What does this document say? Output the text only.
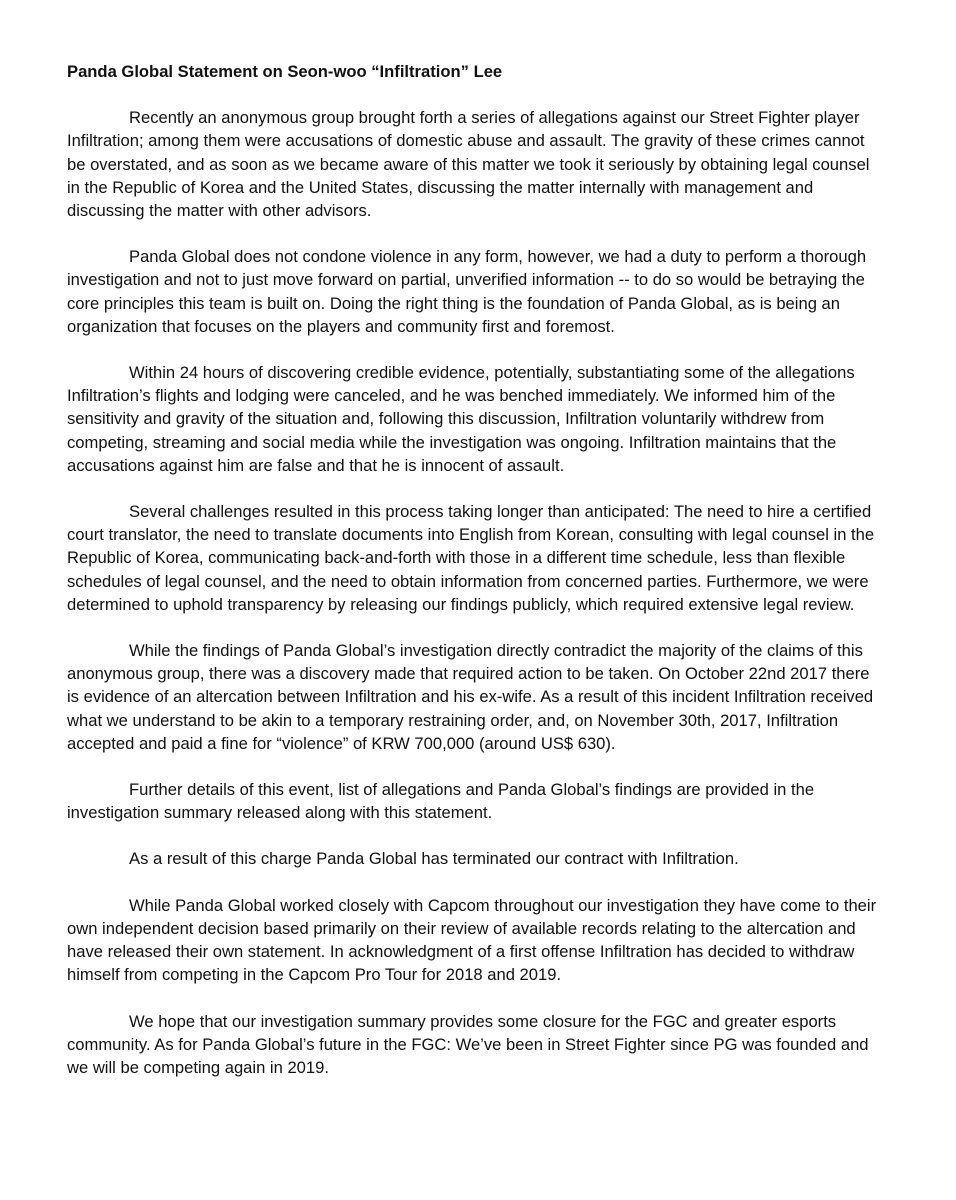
Panda Global Statement on Seon-woo “Infiltration” Lee

Recently an anonymous group brought forth a series of allegations against our Street Fighter player Infiltration; among them were accusations of domestic abuse and assault. The gravity of these crimes cannot be overstated, and as soon as we became aware of this matter we took it seriously by obtaining legal counsel in the Republic of Korea and the United States, discussing the matter internally with management and discussing the matter with other advisors.

Panda Global does not condone violence in any form, however, we had a duty to perform a thorough investigation and not to just move forward on partial, unverified information -- to do so would be betraying the core principles this team is built on. Doing the right thing is the foundation of Panda Global, as is being an organization that focuses on the players and community first and foremost.

Within 24 hours of discovering credible evidence, potentially, substantiating some of the allegations Infiltration’s flights and lodging were canceled, and he was benched immediately. We informed him of the sensitivity and gravity of the situation and, following this discussion, Infiltration voluntarily withdrew from competing, streaming and social media while the investigation was ongoing. Infiltration maintains that the accusations against him are false and that he is innocent of assault.

Several challenges resulted in this process taking longer than anticipated: The need to hire a certified court translator, the need to translate documents into English from Korean, consulting with legal counsel in the Republic of Korea, communicating back-and-forth with those in a different time schedule, less than flexible schedules of legal counsel, and the need to obtain information from concerned parties. Furthermore, we were determined to uphold transparency by releasing our findings publicly, which required extensive legal review.

While the findings of Panda Global’s investigation directly contradict the majority of the claims of this anonymous group, there was a discovery made that required action to be taken. On October 22nd 2017 there is evidence of an altercation between Infiltration and his ex-wife. As a result of this incident Infiltration received what we understand to be akin to a temporary restraining order, and, on November 30th, 2017, Infiltration accepted and paid a fine for “violence” of KRW 700,000 (around US$ 630).

Further details of this event, list of allegations and Panda Global’s findings are provided in the investigation summary released along with this statement.

As a result of this charge Panda Global has terminated our contract with Infiltration.

While Panda Global worked closely with Capcom throughout our investigation they have come to their own independent decision based primarily on their review of available records relating to the altercation and have released their own statement. In acknowledgment of a first offense Infiltration has decided to withdraw himself from competing in the Capcom Pro Tour for 2018 and 2019.

We hope that our investigation summary provides some closure for the FGC and greater esports community. As for Panda Global’s future in the FGC: We’ve been in Street Fighter since PG was founded and we will be competing again in 2019.
